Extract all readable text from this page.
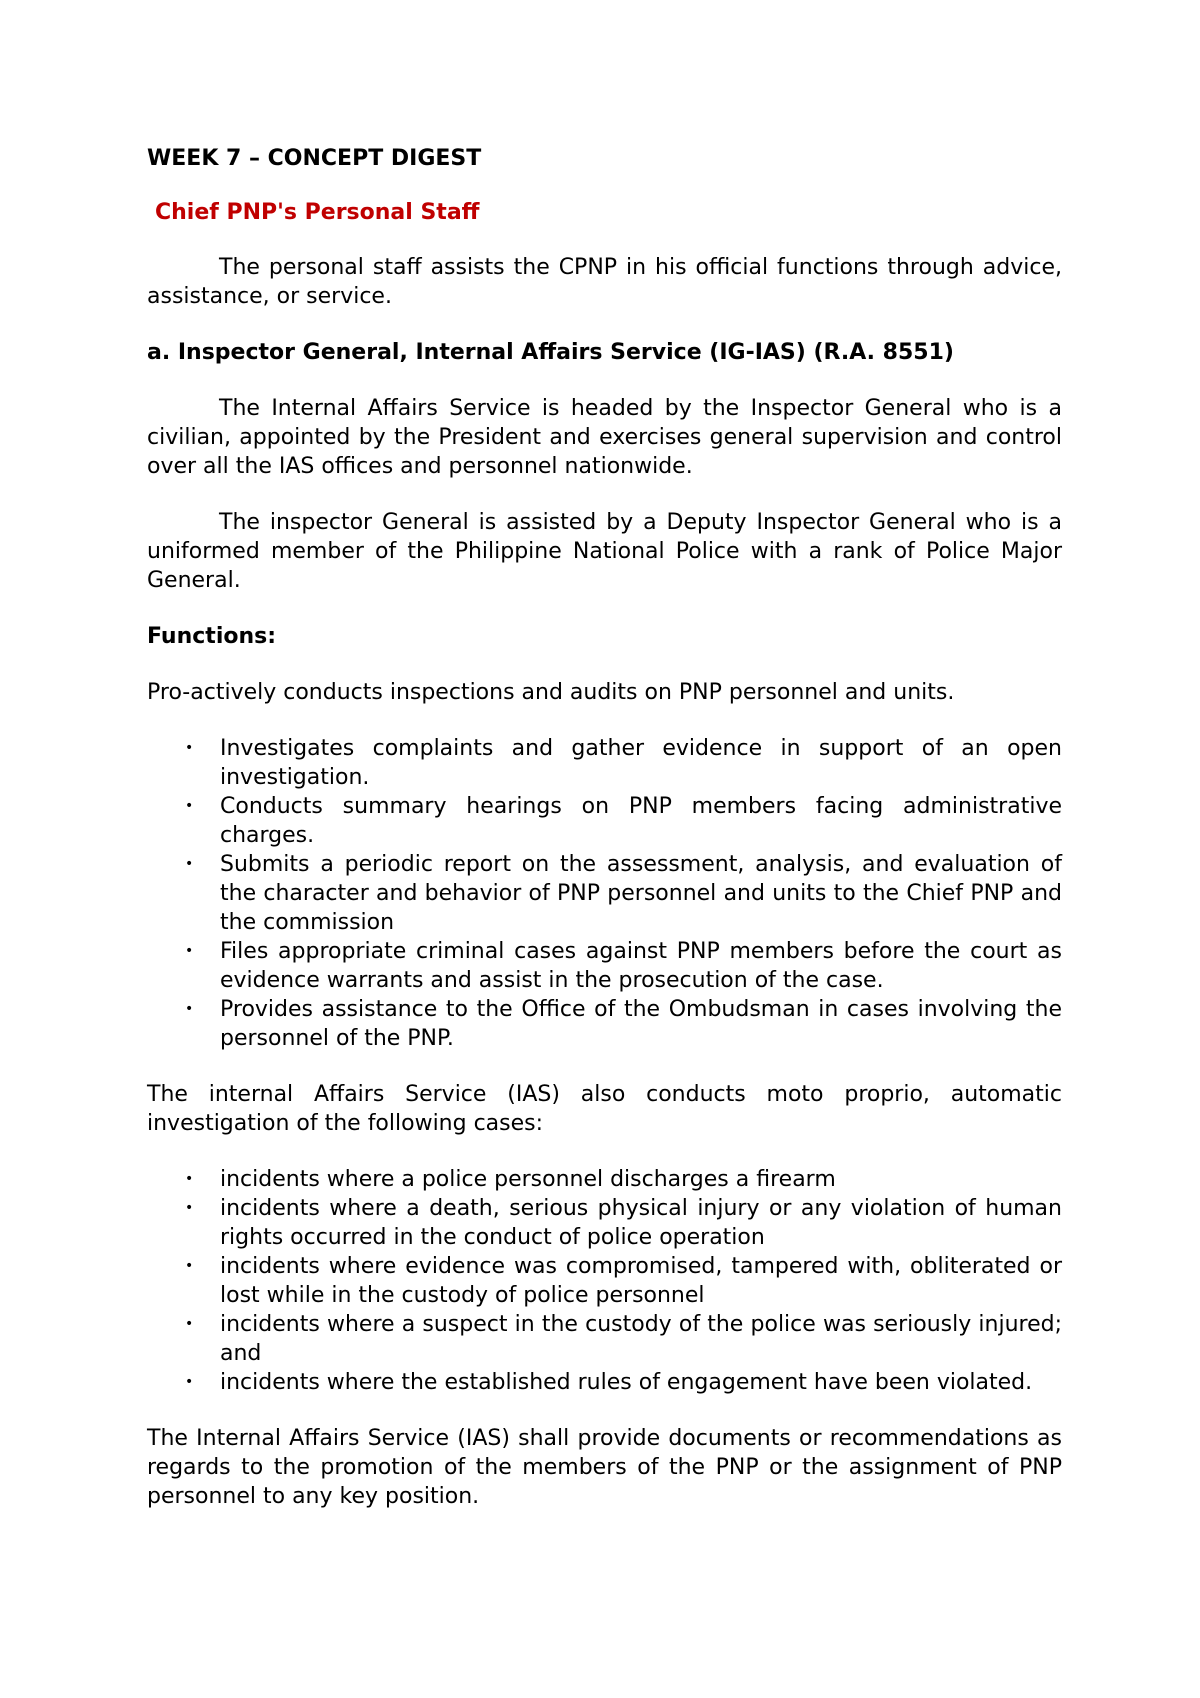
WEEK 7 – CONCEPT DIGEST
Chief PNP's Personal Staff

The personal staff assists the CPNP in his official functions through advice, assistance, or service.

a. Inspector General, Internal Affairs Service (IG-IAS) (R.A. 8551)

The Internal Affairs Service is headed by the Inspector General who is a civilian, appointed by the President and exercises general supervision and control over all the IAS offices and personnel nationwide.

The inspector General is assisted by a Deputy Inspector General who is a uniformed member of the Philippine National Police with a rank of Police Major General.

Functions:

Pro-actively conducts inspections and audits on PNP personnel and units.

• Investigates complaints and gather evidence in support of an open investigation.
• Conducts summary hearings on PNP members facing administrative charges.
• Submits a periodic report on the assessment, analysis, and evaluation of the character and behavior of PNP personnel and units to the Chief PNP and the commission
• Files appropriate criminal cases against PNP members before the court as evidence warrants and assist in the prosecution of the case.
• Provides assistance to the Office of the Ombudsman in cases involving the personnel of the PNP.

The internal Affairs Service (IAS) also conducts moto proprio, automatic investigation of the following cases:

• incidents where a police personnel discharges a firearm
• incidents where a death, serious physical injury or any violation of human rights occurred in the conduct of police operation
• incidents where evidence was compromised, tampered with, obliterated or lost while in the custody of police personnel
• incidents where a suspect in the custody of the police was seriously injured; and
• incidents where the established rules of engagement have been violated.

The Internal Affairs Service (IAS) shall provide documents or recommendations as regards to the promotion of the members of the PNP or the assignment of PNP personnel to any key position.
